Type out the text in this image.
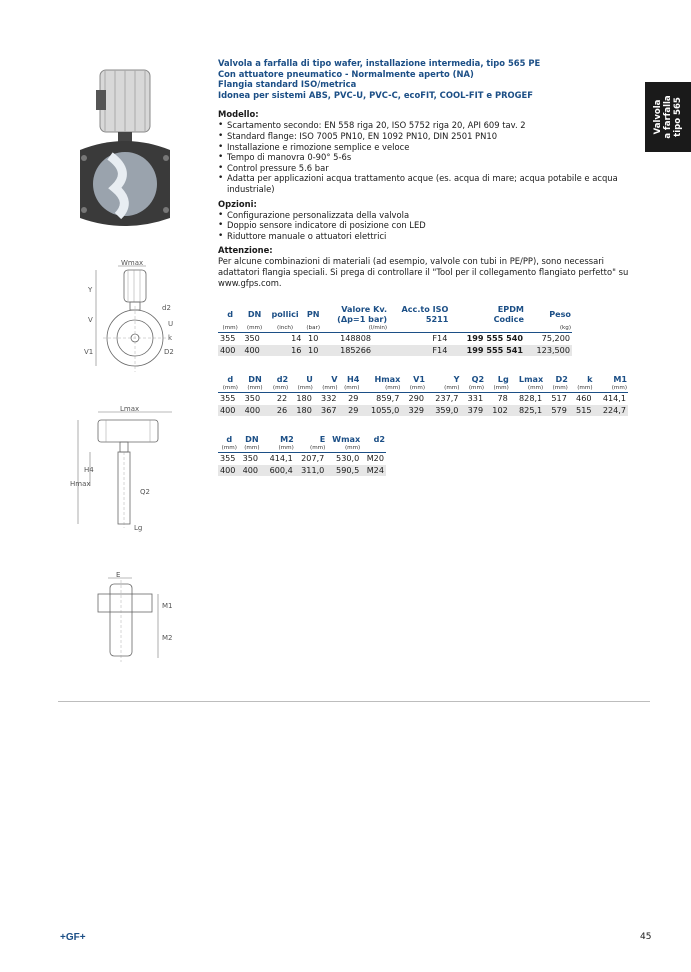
Valvola a farfalla tipo 565
Wmax
Y
V
V1
d2
U
k
D2
Lmax
Hmax
H4
Q2
Lg
E
M1
M2
Valvola a farfalla di tipo wafer, installazione intermedia, tipo 565 PE
Con attuatore pneumatico - Normalmente aperto (NA)
Flangia standard ISO/metrica
Idonea per sistemi ABS, PVC-U, PVC-C, ecoFIT, COOL-FIT e PROGEF
Modello:
• Scartamento secondo: EN 558 riga 20, ISO 5752 riga 20, API 609 tav. 2
• Standard flange: ISO 7005 PN10, EN 1092 PN10, DIN 2501 PN10
• Installazione e rimozione semplice e veloce
• Tempo di manovra 0-90° 5-6s
• Control pressure 5.6 bar
• Adatta per applicazioni acqua trattamento acque (es. acqua di mare; acqua potabile e acqua industriale)
Opzioni:
• Configurazione personalizzata della valvola
• Doppio sensore indicatore di posizione con LED
• Riduttore manuale o attuatori elettrici
Attenzione:
Per alcune combinazioni di materiali (ad esempio, valvole con tubi in PE/PP), sono necessari adattatori flangia speciali. Si prega di controllare il "Tool per il collegamento flangiato perfetto" su www.gfps.com.
d	DN	pollici	PN	Valore Kv.
(Δp=1 bar)	Acc.to ISO
5211	EPDM
Codice	Peso
(mm)	(mm)	(inch)	(bar)	(l/min)			(kg)
355	350	14	10	148808	F14	199 555 540	75,200
400	400	16	10	185266	F14	199 555 541	123,500
d	DN	d2	U	V	H4	Hmax	V1	Y	Q2	Lg	Lmax	D2	k	M1
(mm)	(mm)	(mm)	(mm)	(mm)	(mm)	(mm)	(mm)	(mm)	(mm)	(mm)	(mm)	(mm)	(mm)	(mm)
355	350	22	180	332	29	859,7	290	237,7	331	78	828,1	517	460	414,1
400	400	26	180	367	29	1055,0	329	359,0	379	102	825,1	579	515	224,7
d	DN	M2	E	Wmax	d2
(mm)	(mm)	(mm)	(mm)	(mm)	
355	350	414,1	207,7	530,0	M20
400	400	600,4	311,0	590,5	M24
+GF+	45
